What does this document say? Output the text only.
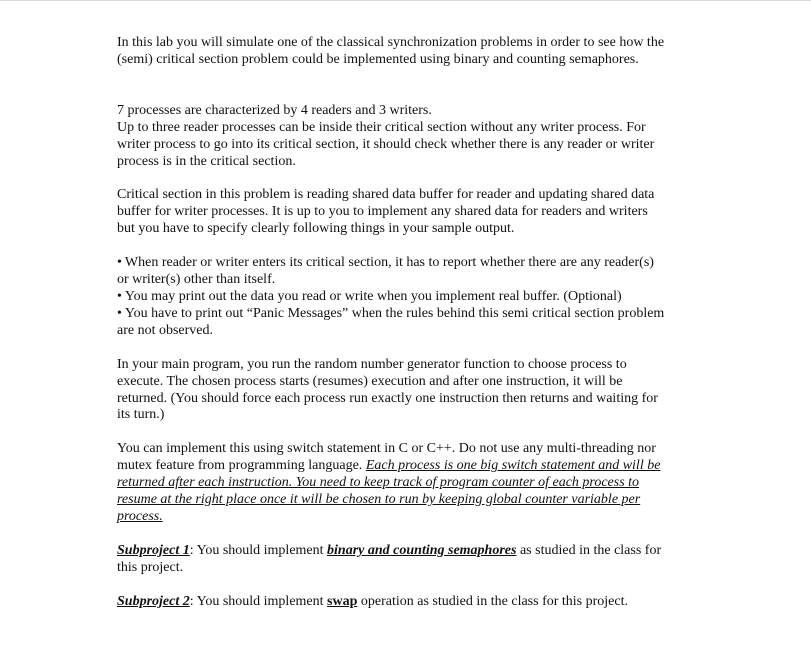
In this lab you will simulate one of the classical synchronization problems in order to see how the
(semi) critical section problem could be implemented using binary and counting semaphores.

7 processes are characterized by 4 readers and 3 writers.
Up to three reader processes can be inside their critical section without any writer process. For
writer process to go into its critical section, it should check whether there is any reader or writer
process is in the critical section.

Critical section in this problem is reading shared data buffer for reader and updating shared data
buffer for writer processes. It is up to you to implement any shared data for readers and writers
but you have to specify clearly following things in your sample output.

• When reader or writer enters its critical section, it has to report whether there are any reader(s)
or writer(s) other than itself.

• You may print out the data you read or write when you implement real buffer. (Optional)

• You have to print out “Panic Messages” when the rules behind this semi critical section problem
are not observed.

In your main program, you run the random number generator function to choose process to
execute. The chosen process starts (resumes) execution and after one instruction, it will be
returned. (You should force each process run exactly one instruction then returns and waiting for
its turn.)

You can implement this using switch statement in C or C++. Do not use any multi-threading nor
mutex feature from programming language. Each process is one big switch statement and will be
returned after each instruction. You need to keep track of program counter of each process to
resume at the right place once it will be chosen to run by keeping global counter variable per
process.

Subproject 1: You should implement binary and counting semaphores as studied in the class for
this project.

Subproject 2: You should implement swap operation as studied in the class for this project.
